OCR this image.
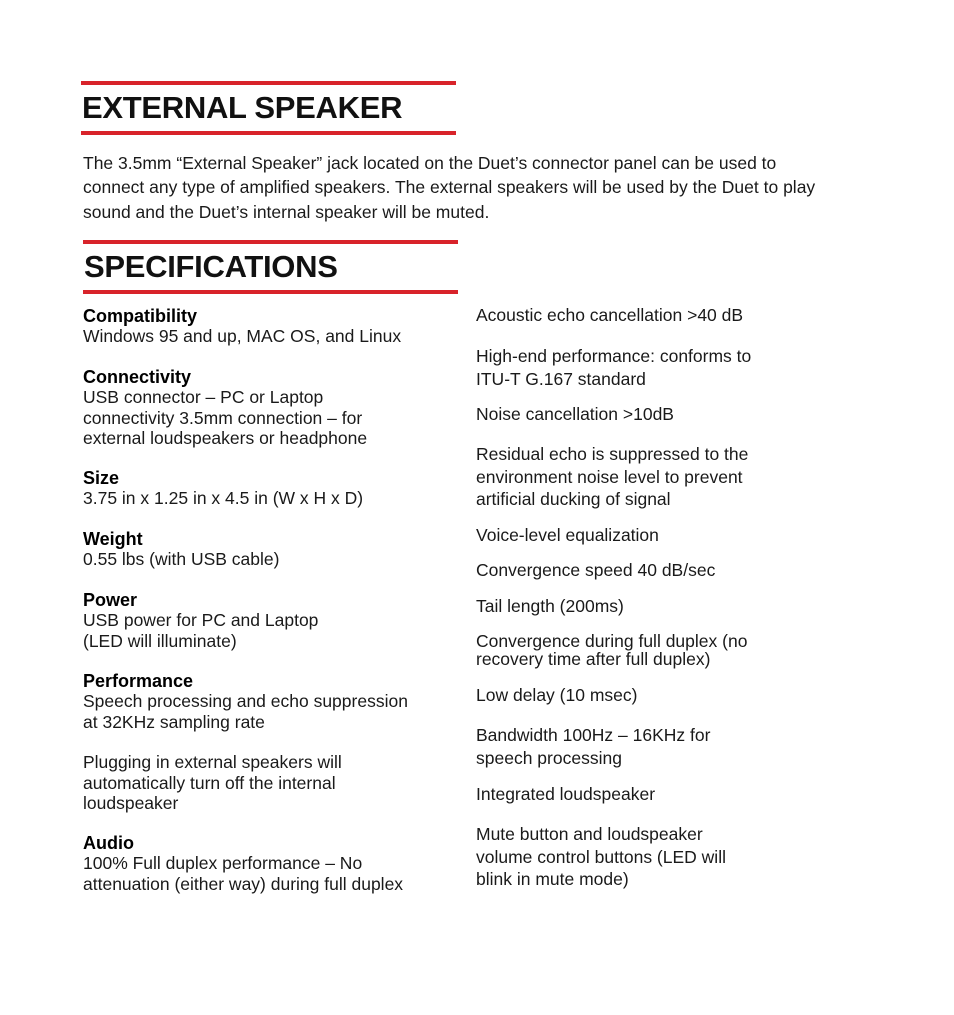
EXTERNAL SPEAKER

The 3.5mm “External Speaker” jack located on the Duet’s connector panel can be used to connect any type of amplified speakers. The external speakers will be used by the Duet to play sound and the Duet’s internal speaker will be muted.

SPECIFICATIONS

Compatibility

Windows 95 and up, MAC OS, and Linux

Connectivity

USB connector – PC or Laptop
connectivity 3.5mm connection – for
external loudspeakers or headphone

Size

3.75 in x 1.25 in x 4.5 in (W x H x D)

Weight

0.55 lbs (with USB cable)

Power

USB power for PC and Laptop
(LED will illuminate)

Performance

Speech processing and echo suppression
at 32KHz sampling rate

Plugging in external speakers will
automatically turn off the internal
loudspeaker

Audio

100% Full duplex performance – No
attenuation (either way) during full duplex

Acoustic echo cancellation >40 dB

High-end performance: conforms to
ITU-T G.167 standard

Noise cancellation >10dB

Residual echo is suppressed to the
environment noise level to prevent
artificial ducking of signal

Voice-level equalization

Convergence speed 40 dB/sec

Tail length (200ms)

Convergence during full duplex (no
recovery time after full duplex)

Low delay (10 msec)

Bandwidth 100Hz – 16KHz for
speech processing

Integrated loudspeaker

Mute button and loudspeaker
volume control buttons (LED will
blink in mute mode)
